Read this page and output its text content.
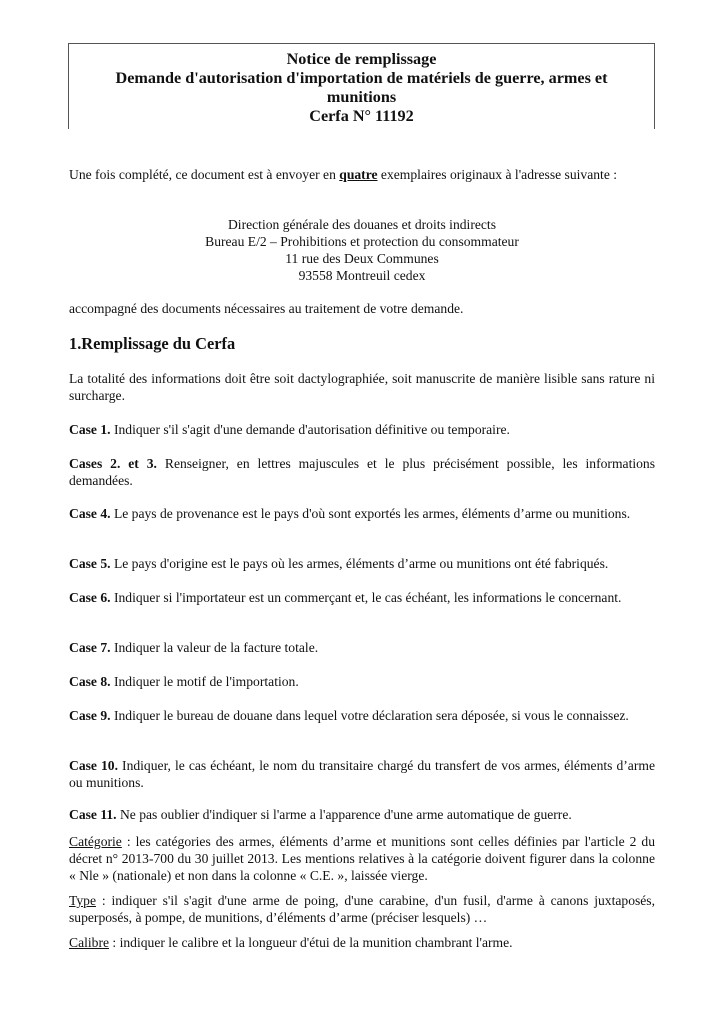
Notice de remplissage
Demande d'autorisation d'importation de matériels de guerre, armes et
munitions
Cerfa N° 11192
Une fois complété, ce document est à envoyer en quatre exemplaires originaux à l'adresse suivante :
Direction générale des douanes et droits indirects
Bureau E/2 – Prohibitions et protection du consommateur
11 rue des Deux Communes
93558 Montreuil cedex
accompagné des documents nécessaires au traitement de votre demande.
1.Remplissage du Cerfa
La totalité des informations doit être soit dactylographiée, soit manuscrite de manière lisible sans rature ni surcharge.
Case 1. Indiquer s'il s'agit d'une demande d'autorisation définitive ou temporaire.
Cases 2. et 3. Renseigner, en lettres majuscules et le plus précisément possible, les informations demandées.
Case 4. Le pays de provenance est le pays d'où sont exportés les armes, éléments d’arme ou munitions.
Case 5. Le pays d'origine est le pays où les armes, éléments d’arme ou munitions ont été fabriqués.
Case 6. Indiquer si l'importateur est un commerçant et, le cas échéant, les informations le concernant.
Case 7. Indiquer la valeur de la facture totale.
Case 8. Indiquer le motif de l'importation.
Case 9. Indiquer le bureau de douane dans lequel votre déclaration sera déposée, si vous le connaissez.
Case 10. Indiquer, le cas échéant, le nom du transitaire chargé du transfert de vos armes, éléments d’arme ou munitions.
Case 11. Ne pas oublier d'indiquer si l'arme a l'apparence d'une arme automatique de guerre.
Catégorie : les catégories des armes, éléments d’arme et munitions sont celles définies par l'article 2 du décret n° 2013-700 du 30 juillet 2013. Les mentions relatives à la catégorie doivent figurer dans la colonne « Nle » (nationale) et non dans la colonne « C.E. », laissée vierge.
Type : indiquer s'il s'agit d'une arme de poing, d'une carabine, d'un fusil, d'arme à canons juxtaposés, superposés, à pompe, de munitions, d’éléments d’arme (préciser lesquels) …
Calibre : indiquer le calibre et la longueur d'étui de la munition chambrant l'arme.
